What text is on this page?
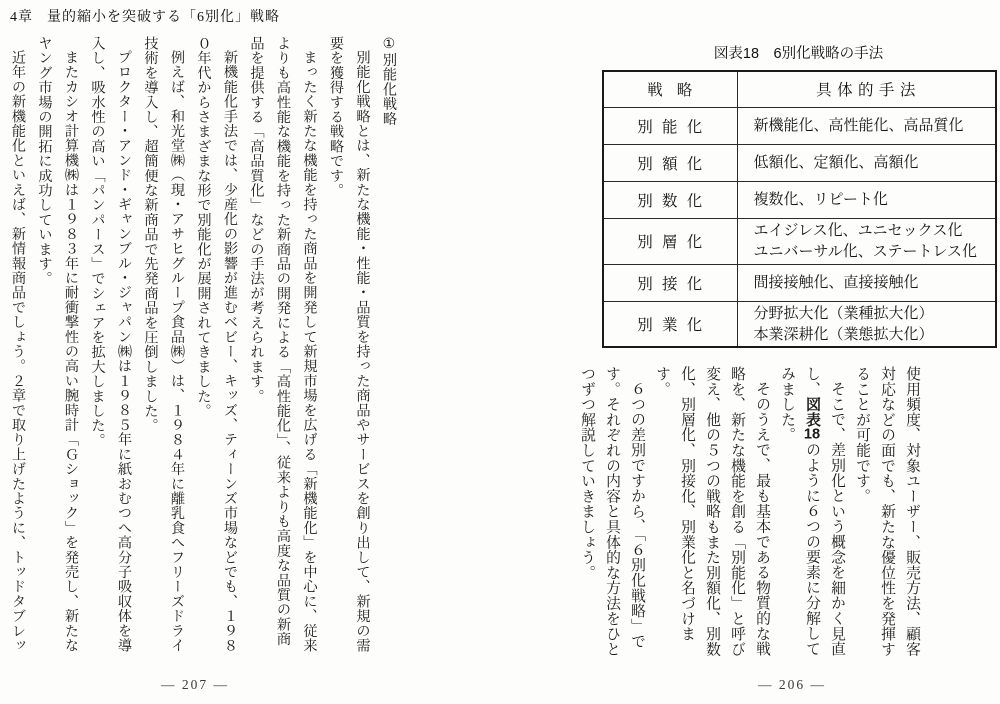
4章 量的縮小を突破する「6別化」戦略

①別能化戦略

別能化戦略とは、新たな機能・性能・品質を持った商品やサービスを創り出して、新規の需要を獲得する戦略です。

まったく新たな機能を持った商品を開発して新規市場を広げる「新機能化」を中心に、従来よりも高性能な機能を持った新商品の開発による「高性能化」、従来よりも高度な品質の新商品を提供する「高品質化」などの手法が考えられます。

新機能化手法では、少産化の影響が進むベビー、キッズ、ティーンズ市場などでも、１９８０年代からさまざまな形で別能化が展開されてきました。

例えば、和光堂㈱（現・アサヒグループ食品㈱）は、１９８４年に離乳食へフリーズドライ技術を導入し、超簡便な新商品で先発商品を圧倒しました。

プロクター・アンド・ギャンブル・ジャパン㈱は１９８５年に紙おむつへ高分子吸収体を導入し、吸水性の高い「パンパース」でシェアを拡大しました。

またカシオ計算機㈱は１９８３年に耐衝撃性の高い腕時計「Ｇショック」を発売し、新たなヤング市場の開拓に成功しています。

近年の新機能化といえば、新情報商品でしょう。２章で取り上げたように、トッドタブレッ	図表18　6別化戦略の手法
戦略	具体的手法
別能化	新機能化、高性能化、高品質化
別額化	低額化、定額化、高額化
別数化	複数化、リピート化
別層化	エイジレス化、ユニセックス化
ユニバーサル化、ステートレス化
別接化	間接接触化、直接接触化
別業化	分野拡大化（業種拡大化）
本業深耕化（業態拡大化）

使用頻度、対象ユーザー、販売方法、顧客対応などの面でも、新たな優位性を発揮することが可能です。

そこで、差別化という概念を細かく見直し、図表18のように６つの要素に分解してみました。

そのうえで、最も基本である物質的な戦略を、新たな機能を創る「別能化」と呼び変え、他の５つの戦略もまた別額化、別数化、別層化、別接化、別業化と名づけます。

６つの差別ですから、「６別化戦略」です。それぞれの内容と具体的な方法をひとつずつ解説していきましょう。

— 207 —	— 206 —
